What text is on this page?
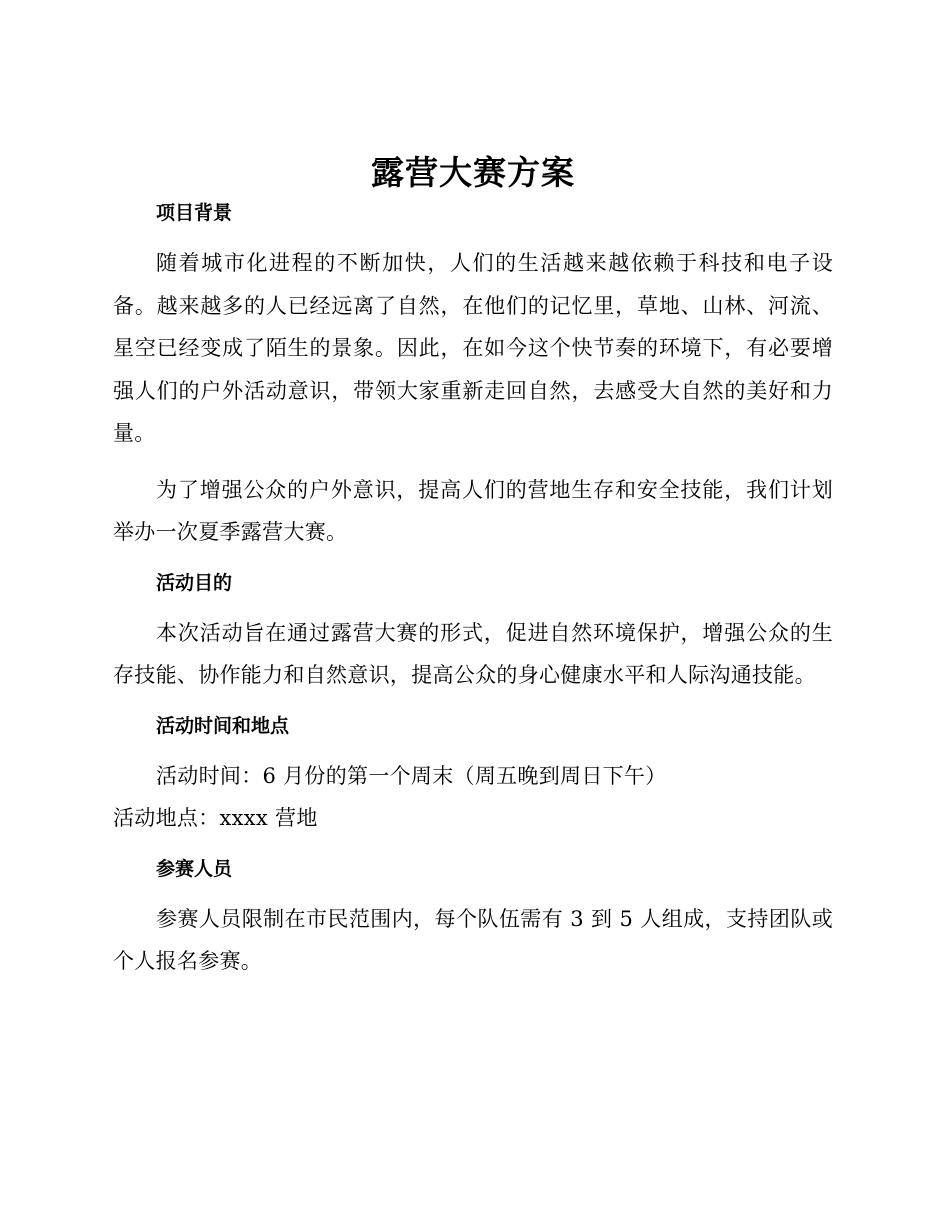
露营大赛方案
项目背景

随着城市化进程的不断加快，人们的生活越来越依赖于科技和电子设备。越来越多的人已经远离了自然，在他们的记忆里，草地、山林、河流、星空已经变成了陌生的景象。因此，在如今这个快节奏的环境下，有必要增强人们的户外活动意识，带领大家重新走回自然，去感受大自然的美好和力量。

为了增强公众的户外意识，提高人们的营地生存和安全技能，我们计划举办一次夏季露营大赛。

活动目的

本次活动旨在通过露营大赛的形式，促进自然环境保护，增强公众的生存技能、协作能力和自然意识，提高公众的身心健康水平和人际沟通技能。

活动时间和地点

活动时间：6 月份的第一个周末（周五晚到周日下午）

活动地点：xxxx 营地

参赛人员

参赛人员限制在市民范围内，每个队伍需有 3 到 5 人组成，支持团队或个人报名参赛。
